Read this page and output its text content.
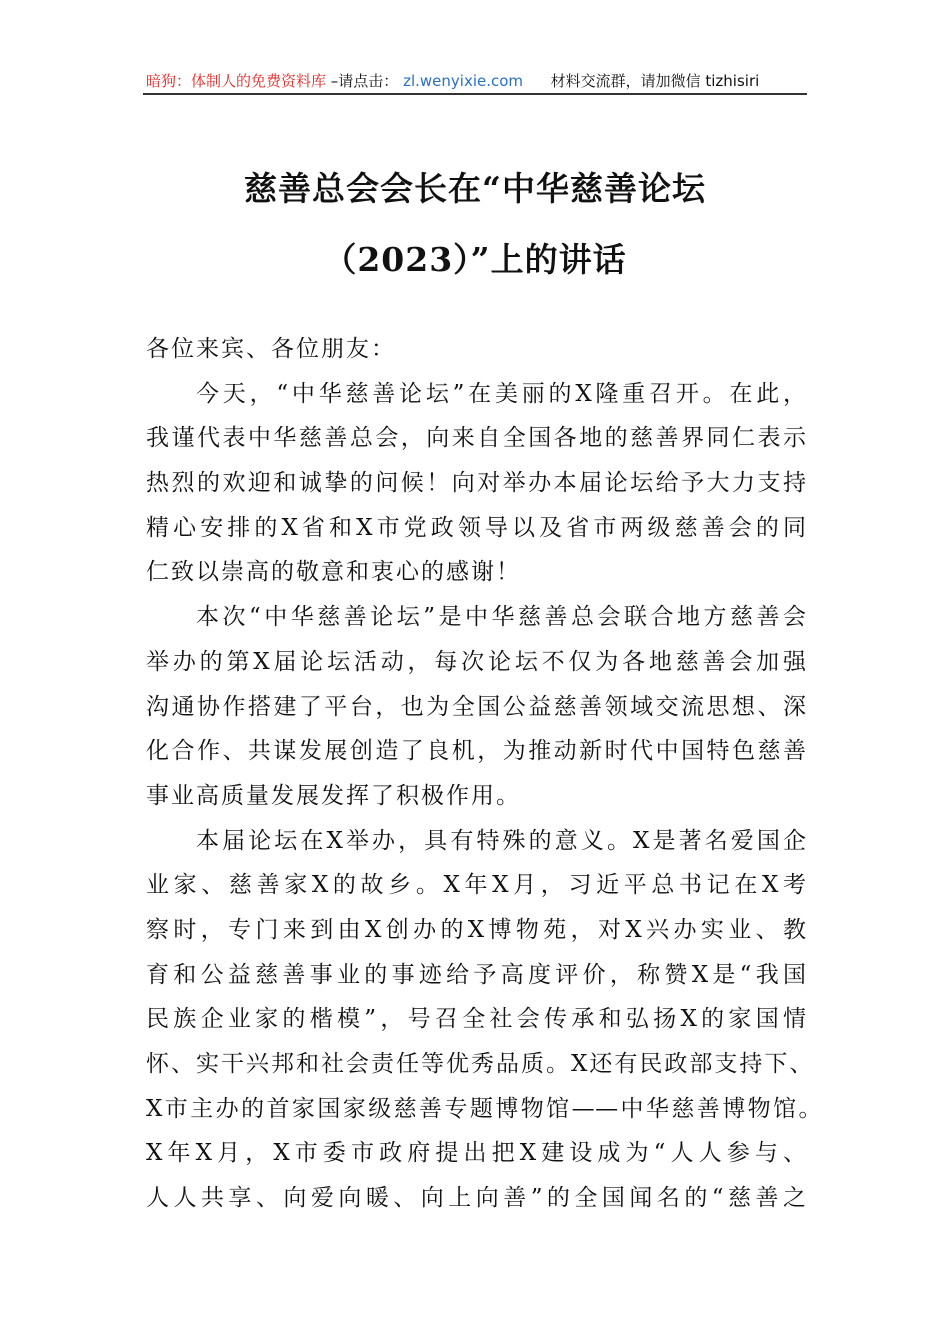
暗狗：体制人的免费资料库 –请点击： zl.wenyixie.com 材料交流群，请加微信 tizhisiri
慈善总会会长在“中华慈善论坛
（2023）”上的讲话
各位来宾、各位朋友：
今天，“中华慈善论坛”在美丽的X隆重召开。在此，
我谨代表中华慈善总会，向来自全国各地的慈善界同仁表示
热烈的欢迎和诚挚的问候！向对举办本届论坛给予大力支持
精心安排的X省和X市党政领导以及省市两级慈善会的同
仁致以崇高的敬意和衷心的感谢！
本次“中华慈善论坛”是中华慈善总会联合地方慈善会
举办的第X届论坛活动，每次论坛不仅为各地慈善会加强
沟通协作搭建了平台，也为全国公益慈善领域交流思想、深
化合作、共谋发展创造了良机，为推动新时代中国特色慈善
事业高质量发展发挥了积极作用。
本届论坛在X举办，具有特殊的意义。X是著名爱国企
业家、慈善家X的故乡。X年X月，习近平总书记在X考
察时，专门来到由X创办的X博物苑，对X兴办实业、教
育和公益慈善事业的事迹给予高度评价，称赞X是“我国
民族企业家的楷模”，号召全社会传承和弘扬X的家国情
怀、实干兴邦和社会责任等优秀品质。X还有民政部支持下、
X市主办的首家国家级慈善专题博物馆——中华慈善博物馆。
X年X月，X市委市政府提出把X建设成为“人人参与、
人人共享、向爱向暖、向上向善”的全国闻名的“慈善之
